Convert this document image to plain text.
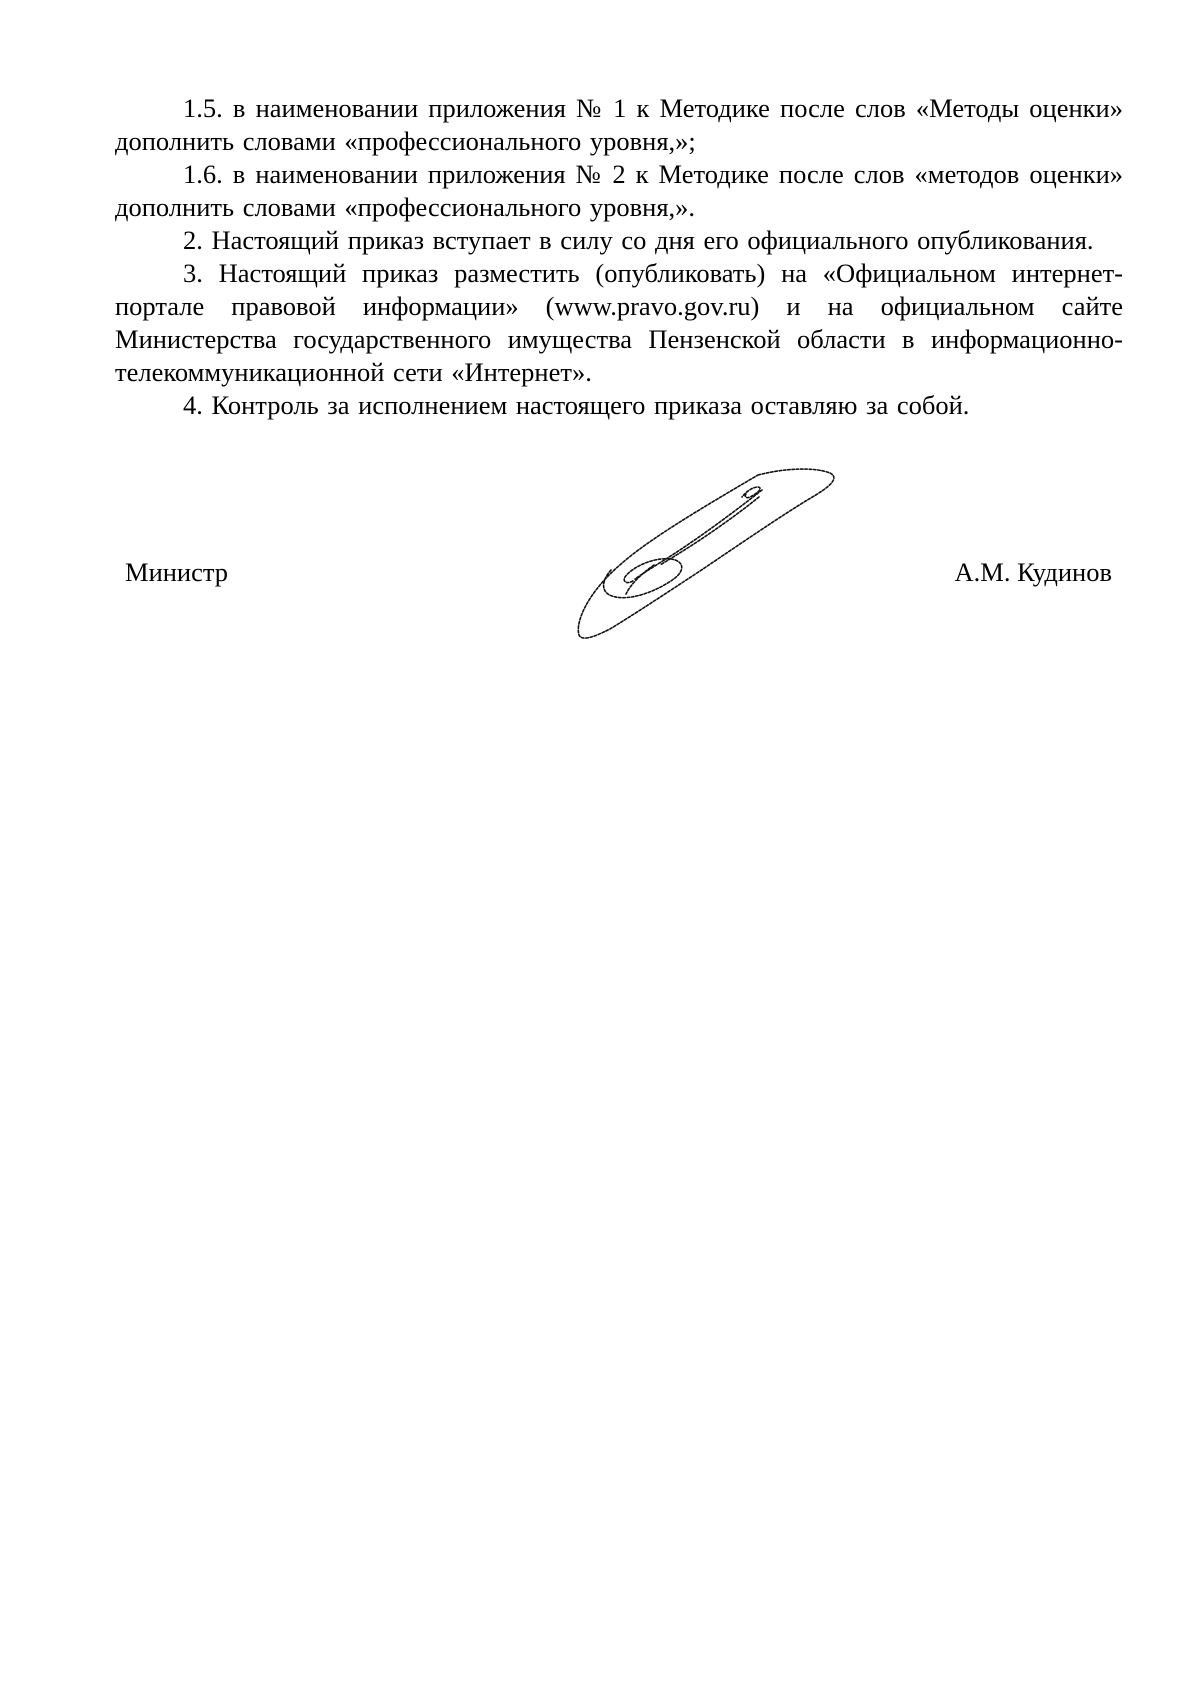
1.5. в наименовании приложения № 1 к Методике после слов «Методы оценки» дополнить словами «профессионального уровня,»;

1.6. в наименовании приложения № 2 к Методике после слов «методов оценки» дополнить словами «профессионального уровня,».

2. Настоящий приказ вступает в силу со дня его официального опубликования.

3. Настоящий приказ разместить (опубликовать) на «Официальном интернет-портале правовой информации» (www.pravo.gov.ru) и на официальном сайте Министерства государственного имущества Пензенской области в информационно-телекоммуникационной сети «Интернет».

4. Контроль за исполнением настоящего приказа оставляю за собой.

Министр	А.М. Кудинов
